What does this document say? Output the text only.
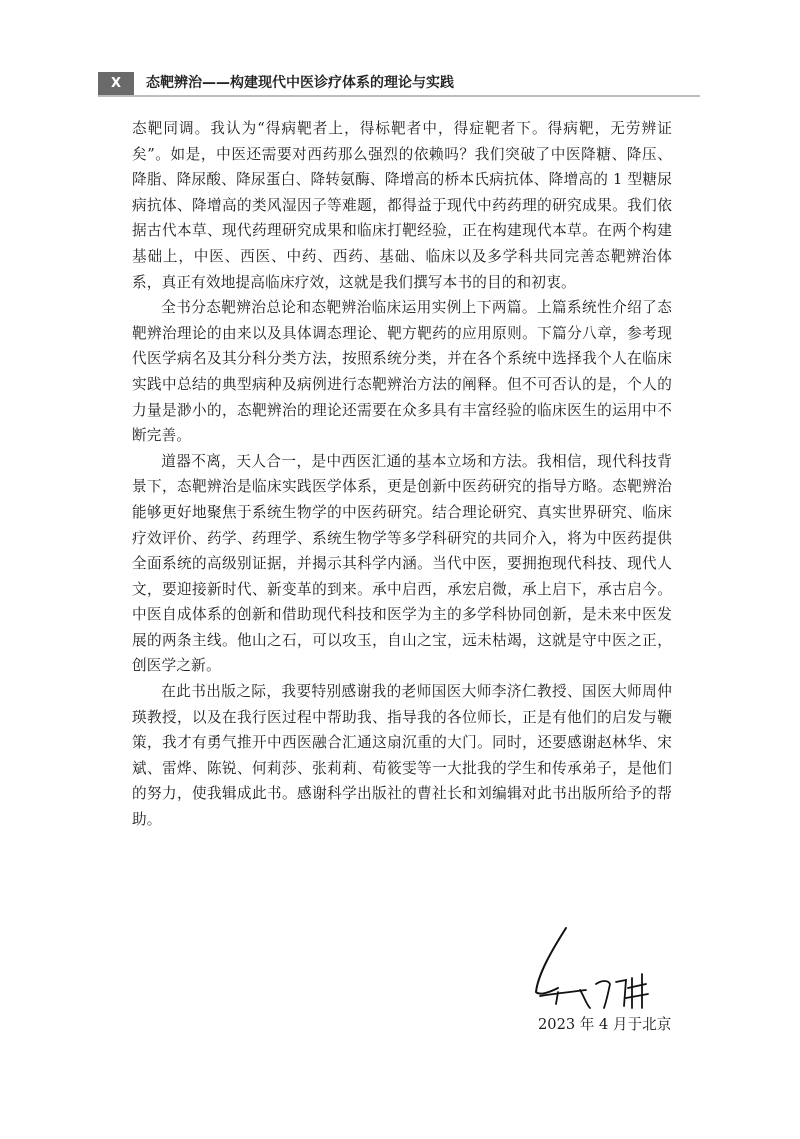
X	态靶辨治——构建现代中医诊疗体系的理论与实践

态靶同调。我认为“得病靶者上，得标靶者中，得症靶者下。得病靶，无劳辨证矣”。如是，中医还需要对西药那么强烈的依赖吗？我们突破了中医降糖、降压、降脂、降尿酸、降尿蛋白、降转氨酶、降增高的桥本氏病抗体、降增高的 1 型糖尿病抗体、降增高的类风湿因子等难题，都得益于现代中药药理的研究成果。我们依据古代本草、现代药理研究成果和临床打靶经验，正在构建现代本草。在两个构建基础上，中医、西医、中药、西药、基础、临床以及多学科共同完善态靶辨治体系，真正有效地提高临床疗效，这就是我们撰写本书的目的和初衷。

全书分态靶辨治总论和态靶辨治临床运用实例上下两篇。上篇系统性介绍了态靶辨治理论的由来以及具体调态理论、靶方靶药的应用原则。下篇分八章，参考现代医学病名及其分科分类方法，按照系统分类，并在各个系统中选择我个人在临床实践中总结的典型病种及病例进行态靶辨治方法的阐释。但不可否认的是，个人的力量是渺小的，态靶辨治的理论还需要在众多具有丰富经验的临床医生的运用中不断完善。

道器不离，天人合一，是中西医汇通的基本立场和方法。我相信，现代科技背景下，态靶辨治是临床实践医学体系，更是创新中医药研究的指导方略。态靶辨治能够更好地聚焦于系统生物学的中医药研究。结合理论研究、真实世界研究、临床疗效评价、药学、药理学、系统生物学等多学科研究的共同介入，将为中医药提供全面系统的高级别证据，并揭示其科学内涵。当代中医，要拥抱现代科技、现代人文，要迎接新时代、新变革的到来。承中启西，承宏启微，承上启下，承古启今。中医自成体系的创新和借助现代科技和医学为主的多学科协同创新，是未来中医发展的两条主线。他山之石，可以攻玉，自山之宝，远未枯竭，这就是守中医之正，创医学之新。

在此书出版之际，我要特别感谢我的老师国医大师李济仁教授、国医大师周仲瑛教授，以及在我行医过程中帮助我、指导我的各位师长，正是有他们的启发与鞭策，我才有勇气推开中西医融合汇通这扇沉重的大门。同时，还要感谢赵林华、宋斌、雷烨、陈锐、何莉莎、张莉莉、荀筱雯等一大批我的学生和传承弟子，是他们的努力，使我辑成此书。感谢科学出版社的曹社长和刘编辑对此书出版所给予的帮助。

2023 年 4 月于北京
